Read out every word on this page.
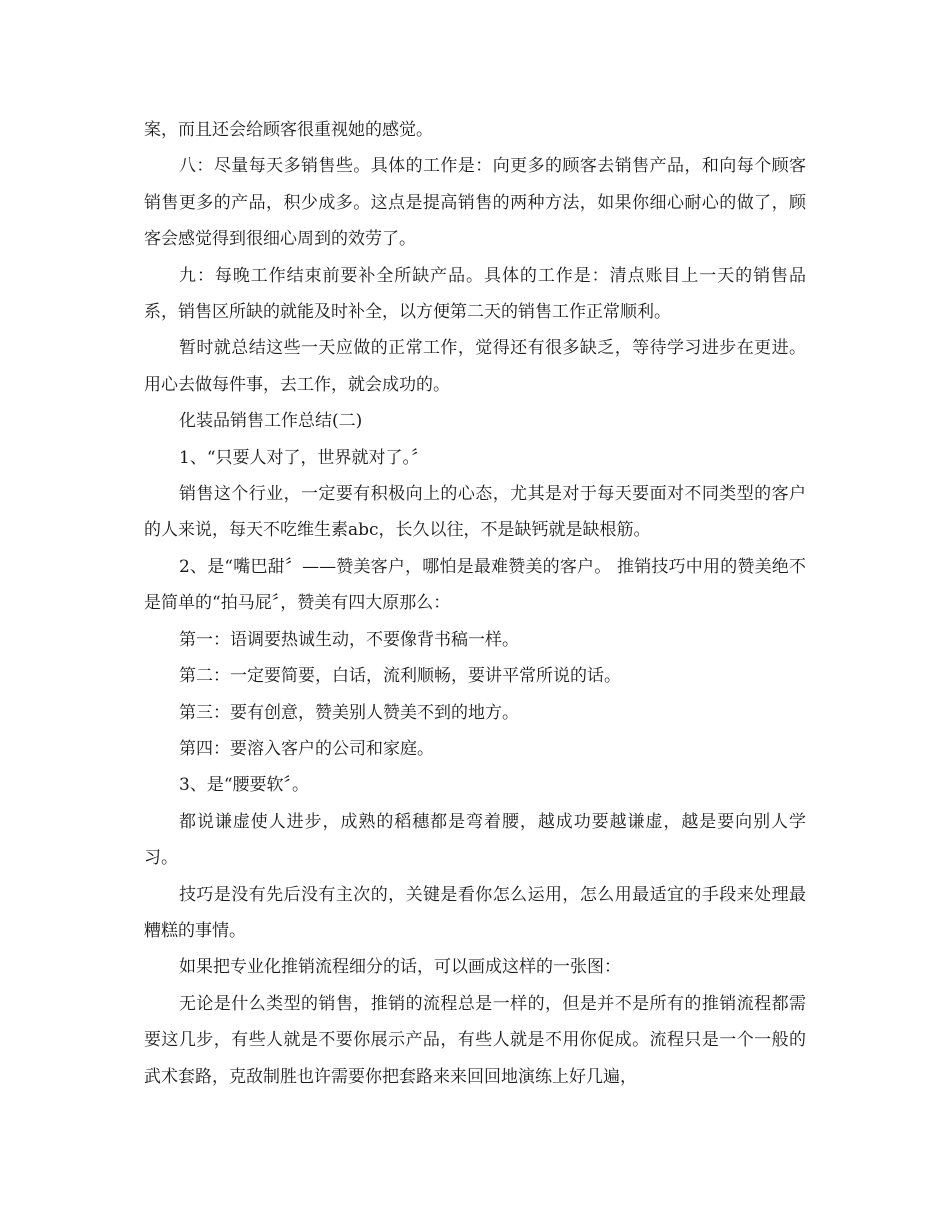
案，而且还会给顾客很重视她的感觉。

八：尽量每天多销售些。具体的工作是：向更多的顾客去销售产品，和向每个顾客销售更多的产品，积少成多。这点是提高销售的两种方法，如果你细心耐心的做了，顾客会感觉得到很细心周到的效劳了。

九：每晚工作结束前要补全所缺产品。具体的工作是：清点账目上一天的销售品系，销售区所缺的就能及时补全，以方便第二天的销售工作正常顺利。

暂时就总结这些一天应做的正常工作，觉得还有很多缺乏，等待学习进步在更进。用心去做每件事，去工作，就会成功的。

化装品销售工作总结(二)

1、“只要人对了，世界就对了。〞

销售这个行业，一定要有积极向上的心态，尤其是对于每天要面对不同类型的客户的人来说，每天不吃维生素abc，长久以往，不是缺钙就是缺根筋。

2、是“嘴巴甜〞——赞美客户，哪怕是最难赞美的客户。 推销技巧中用的赞美绝不是简单的“拍马屁〞，赞美有四大原那么：

第一：语调要热诚生动，不要像背书稿一样。

第二：一定要简要，白话，流利顺畅，要讲平常所说的话。

第三：要有创意，赞美别人赞美不到的地方。

第四：要溶入客户的公司和家庭。

3、是“腰要软〞。

都说谦虚使人进步，成熟的稻穗都是弯着腰，越成功要越谦虚，越是要向别人学习。

技巧是没有先后没有主次的，关键是看你怎么运用，怎么用最适宜的手段来处理最糟糕的事情。

如果把专业化推销流程细分的话，可以画成这样的一张图：

无论是什么类型的销售，推销的流程总是一样的，但是并不是所有的推销流程都需要这几步，有些人就是不要你展示产品，有些人就是不用你促成。流程只是一个一般的武术套路，克敌制胜也许需要你把套路来来回回地演练上好几遍，
